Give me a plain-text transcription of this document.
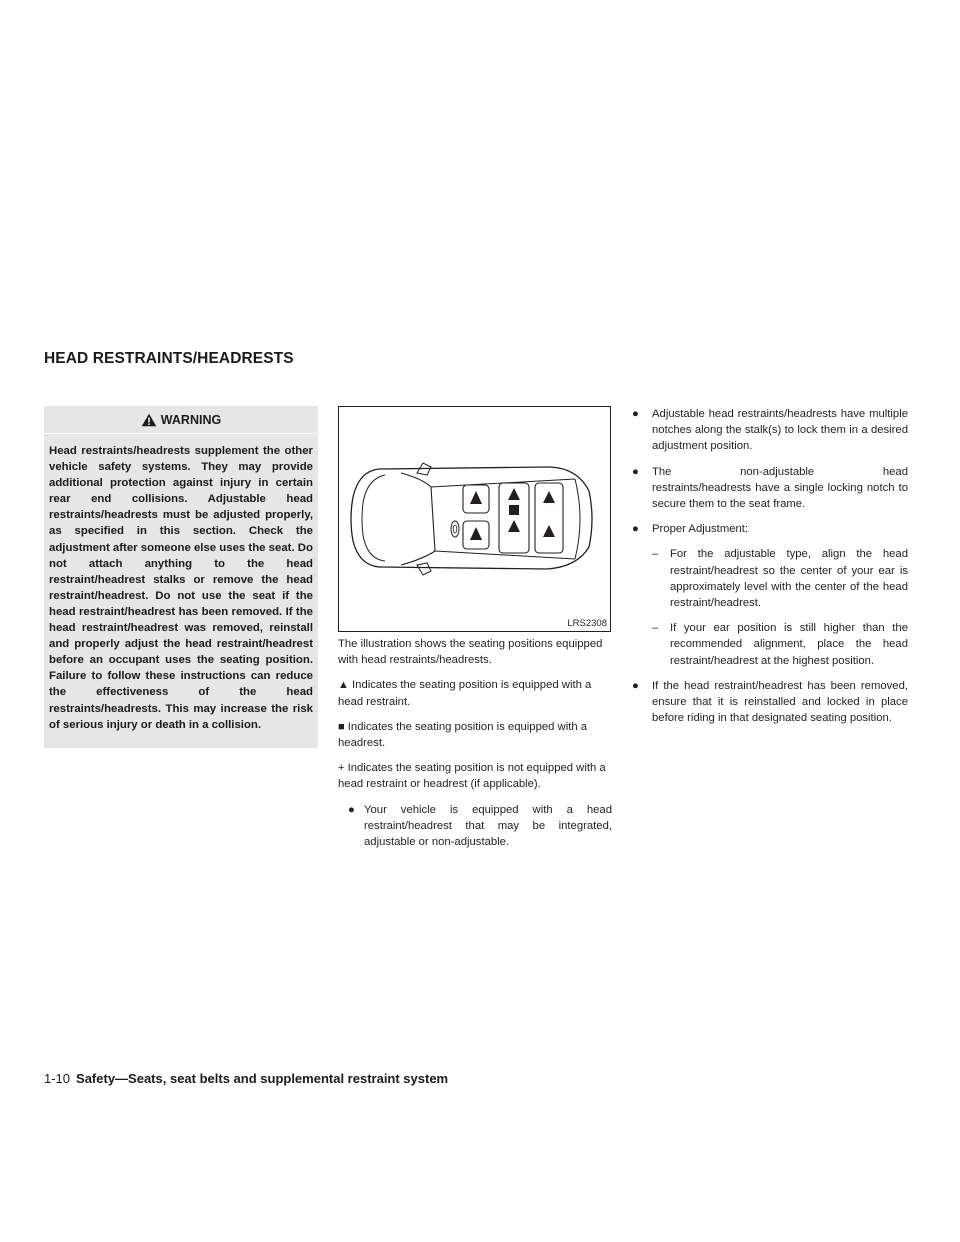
HEAD RESTRAINTS/HEADRESTS
WARNING
Head restraints/headrests supplement the other vehicle safety systems. They may provide additional protection against injury in certain rear end collisions. Adjustable head restraints/headrests must be adjusted properly, as specified in this section. Check the adjustment after someone else uses the seat. Do not attach anything to the head restraint/headrest stalks or remove the head restraint/headrest. Do not use the seat if the head restraint/headrest has been removed. If the head restraint/headrest was removed, reinstall and properly adjust the head restraint/headrest before an occupant uses the seating position. Failure to follow these instructions can reduce the effectiveness of the head restraints/headrests. This may increase the risk of serious injury or death in a collision.
LRS2308

The illustration shows the seating positions equipped with head restraints/headrests.

▲ Indicates the seating position is equipped with a head restraint.

■ Indicates the seating position is equipped with a headrest.

+ Indicates the seating position is not equipped with a head restraint or headrest (if applicable).

● Your vehicle is equipped with a head restraint/headrest that may be integrated, adjustable or non-adjustable.
● Adjustable head restraints/headrests have multiple notches along the stalk(s) to lock them in a desired adjustment position.
● The non-adjustable head
restraints/headrests have a single locking notch to secure them to the seat frame.
● Proper Adjustment:
– For the adjustable type, align the head restraint/headrest so the center of your ear is approximately level with the center of the head restraint/headrest.
– If your ear position is still higher than the recommended alignment, place the head restraint/headrest at the highest position.
● If the head restraint/headrest has been removed, ensure that it is reinstalled and locked in place before riding in that designated seating position.
1-10 Safety—Seats, seat belts and supplemental restraint system
